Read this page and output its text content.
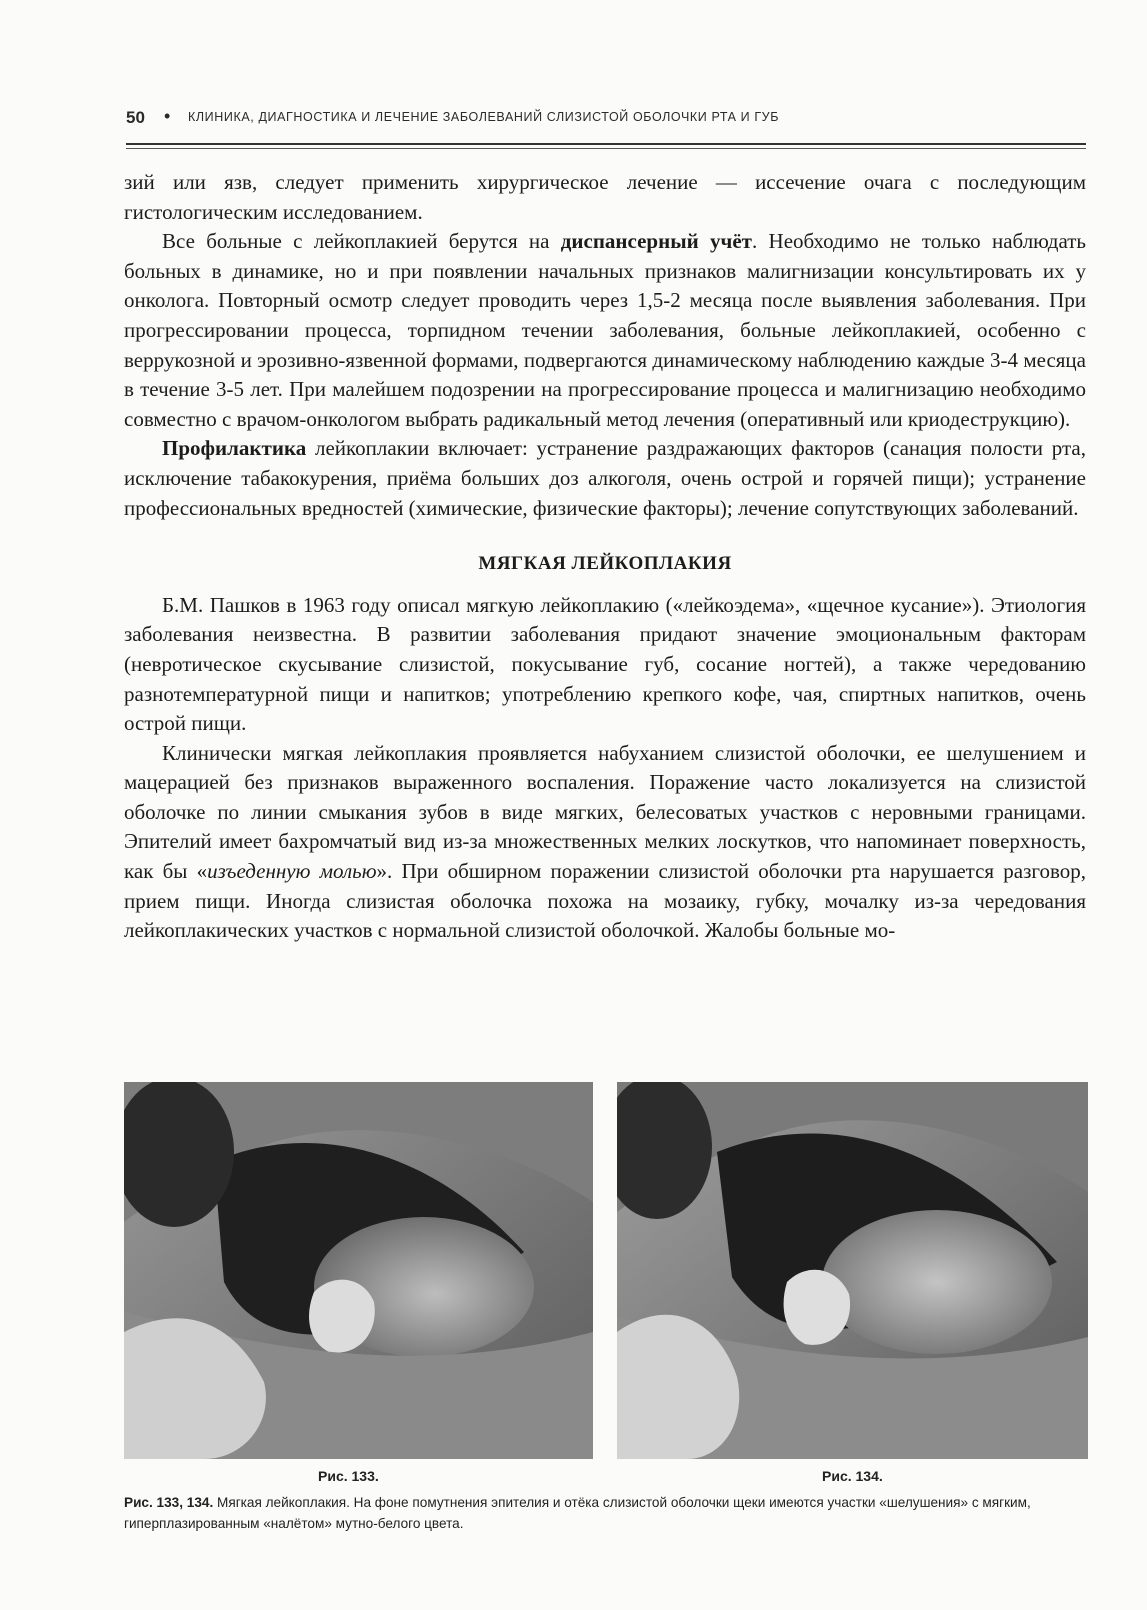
50 • КЛИНИКА, ДИАГНОСТИКА И ЛЕЧЕНИЕ ЗАБОЛЕВАНИЙ СЛИЗИСТОЙ ОБОЛОЧКИ РТА И ГУБ

зий или язв, следует применить хирургическое лечение — иссечение очага с последующим гистологическим исследованием.

Все больные с лейкоплакией берутся на диспансерный учёт. Необходимо не только наблюдать больных в динамике, но и при появлении начальных признаков малигнизации консультировать их у онколога. Повторный осмотр следует проводить через 1,5-2 месяца после выявления заболевания. При прогрессировании процесса, торпидном течении заболевания, больные лейкоплакией, особенно с веррукозной и эрозивно-язвенной формами, подвергаются динамическому наблюдению каждые 3-4 месяца в течение 3-5 лет. При малейшем подозрении на прогрессирование процесса и малигнизацию необходимо совместно с врачом-онкологом выбрать радикальный метод лечения (оперативный или криодеструкцию).

Профилактика лейкоплакии включает: устранение раздражающих факторов (санация полости рта, исключение табакокурения, приёма больших доз алкоголя, очень острой и горячей пищи); устранение профессиональных вредностей (химические, физические факторы); лечение сопутствующих заболеваний.

МЯГКАЯ ЛЕЙКОПЛАКИЯ

Б.М. Пашков в 1963 году описал мягкую лейкоплакию («лейкоэдема», «щечное кусание»). Этиология заболевания неизвестна. В развитии заболевания придают значение эмоциональным факторам (невротическое скусывание слизистой, покусывание губ, сосание ногтей), а также чередованию разнотемпературной пищи и напитков; употреблению крепкого кофе, чая, спиртных напитков, очень острой пищи.

Клинически мягкая лейкоплакия проявляется набуханием слизистой оболочки, ее шелушением и мацерацией без признаков выраженного воспаления. Поражение часто локализуется на слизистой оболочке по линии смыкания зубов в виде мягких, белесоватых участков с неровными границами. Эпителий имеет бахромчатый вид из-за множественных мелких лоскутков, что напоминает поверхность, как бы «изъеденную молью». При обширном поражении слизистой оболочки рта нарушается разговор, прием пищи. Иногда слизистая оболочка похожа на мозаику, губку, мочалку из-за чередования лейкоплакических участков с нормальной слизистой оболочкой. Жалобы больные мо-

Рис. 133.	Рис. 134.
Рис. 133, 134. Мягкая лейкоплакия. На фоне помутнения эпителия и отёка слизистой оболочки щеки имеются участки «шелушения» с мягким, гиперплазированным «налётом» мутно-белого цвета.
